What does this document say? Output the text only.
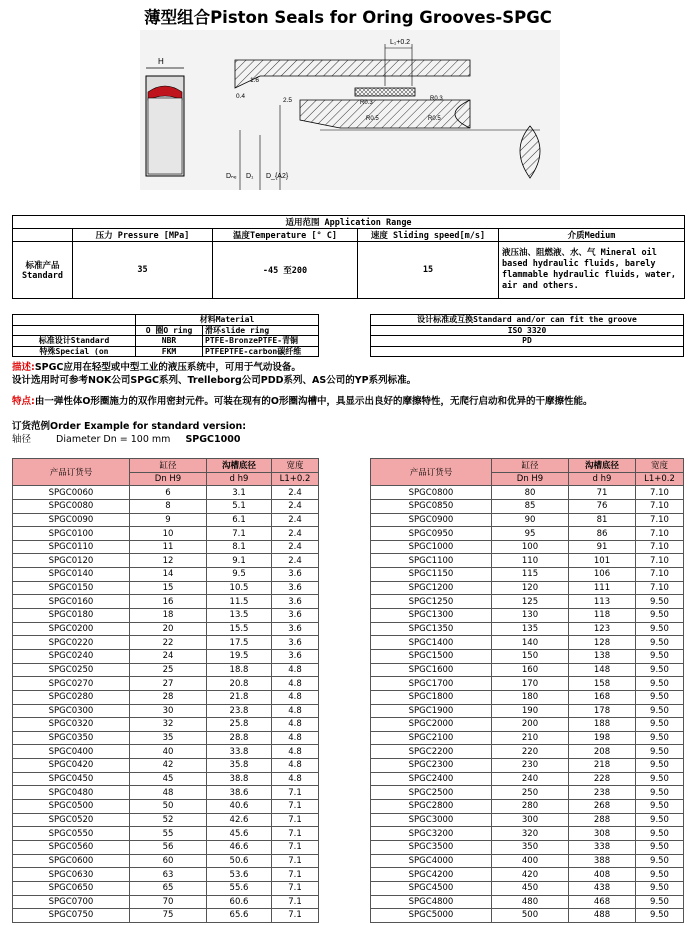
薄型组合Piston Seals for Oring Grooves-SPGC
H
L₁+0.2
1.6
0.4
2.5	R0.3
R0.3
R0.5	R0.5
Dₙₑ D₁ D_{A2}
适用范围 Application Range				
	压力 Pressure [MPa]	温度Temperature [° C]	速度 Sliding speed[m/s]	介质Medium
标准产品 Standard	35	-45 至200	15	液压油、阻燃液、水、气 Mineral oil based hydraulic fluids, barely flammable hydraulic fluids, water, air and others.
	材料Material	
	O 圈O ring	滑环slide ring
标准设计Standard	NBR	PTFE-BronzePTFE-青铜
特殊Special (on	FKM	PTFEPTFE-carbon碳纤维
设计标准或互换Standard and/or can fit the groove
ISO 3320
PD

描述:SPGC应用在轻型或中型工业的液压系统中，可用于气动设备。
设计选用时可参考NOK公司SPGC系列、Trelleborg公司PDD系列、AS公司的YP系列标准。
特点:由一弹性体O形圈施力的双作用密封元件。可装在现有的O形圈沟槽中，具显示出良好的摩擦特性，无爬行启动和优异的干摩擦性能。
订货范例Order Example for standard version:
轴径	Diameter Dn = 100 mm SPGC1000
产品订货号	缸径	沟槽底径	宽度
	Dn H9	d h9	L1+0.2
SPGC0060	6	3.1	2.4
SPGC0080	8	5.1	2.4
SPGC0090	9	6.1	2.4
SPGC0100	10	7.1	2.4
SPGC0110	11	8.1	2.4
SPGC0120	12	9.1	2.4
SPGC0140	14	9.5	3.6
SPGC0150	15	10.5	3.6
SPGC0160	16	11.5	3.6
SPGC0180	18	13.5	3.6
SPGC0200	20	15.5	3.6
SPGC0220	22	17.5	3.6
SPGC0240	24	19.5	3.6
SPGC0250	25	18.8	4.8
SPGC0270	27	20.8	4.8
SPGC0280	28	21.8	4.8
SPGC0300	30	23.8	4.8
SPGC0320	32	25.8	4.8
SPGC0350	35	28.8	4.8
SPGC0400	40	33.8	4.8
SPGC0420	42	35.8	4.8
SPGC0450	45	38.8	4.8
SPGC0480	48	38.6	7.1
SPGC0500	50	40.6	7.1
SPGC0520	52	42.6	7.1
SPGC0550	55	45.6	7.1
SPGC0560	56	46.6	7.1
SPGC0600	60	50.6	7.1
SPGC0630	63	53.6	7.1
SPGC0650	65	55.6	7.1
SPGC0700	70	60.6	7.1
SPGC0750	75	65.6	7.1
产品订货号	缸径	沟槽底径	宽度
	Dn H9	d h9	L1+0.2
SPGC0800	80	71	7.10
SPGC0850	85	76	7.10
SPGC0900	90	81	7.10
SPGC0950	95	86	7.10
SPGC1000	100	91	7.10
SPGC1100	110	101	7.10
SPGC1150	115	106	7.10
SPGC1200	120	111	7.10
SPGC1250	125	113	9.50
SPGC1300	130	118	9.50
SPGC1350	135	123	9.50
SPGC1400	140	128	9.50
SPGC1500	150	138	9.50
SPGC1600	160	148	9.50
SPGC1700	170	158	9.50
SPGC1800	180	168	9.50
SPGC1900	190	178	9.50
SPGC2000	200	188	9.50
SPGC2100	210	198	9.50
SPGC2200	220	208	9.50
SPGC2300	230	218	9.50
SPGC2400	240	228	9.50
SPGC2500	250	238	9.50
SPGC2800	280	268	9.50
SPGC3000	300	288	9.50
SPGC3200	320	308	9.50
SPGC3500	350	338	9.50
SPGC4000	400	388	9.50
SPGC4200	420	408	9.50
SPGC4500	450	438	9.50
SPGC4800	480	468	9.50
SPGC5000	500	488	9.50
